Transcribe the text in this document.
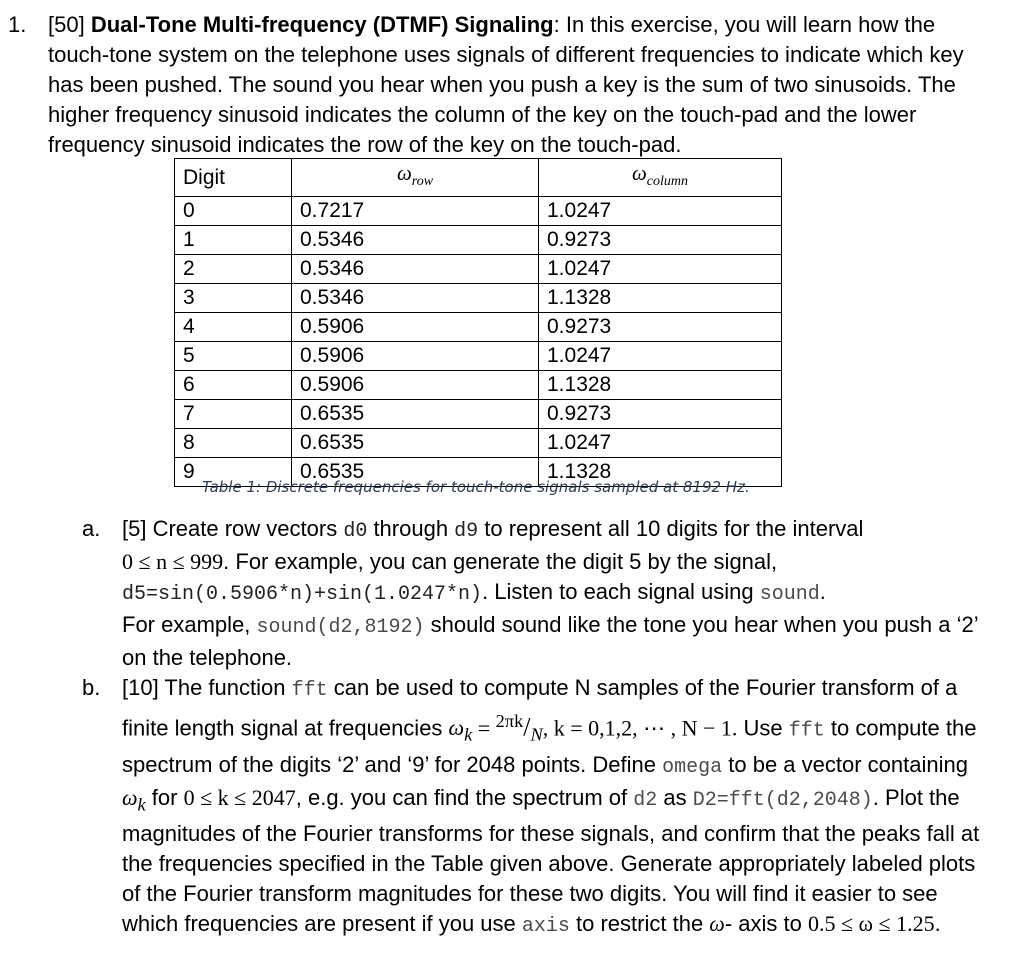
1. [50] Dual-Tone Multi-frequency (DTMF) Signaling: In this exercise, you will learn how the touch-tone system on the telephone uses signals of different frequencies to indicate which key has been pushed. The sound you hear when you push a key is the sum of two sinusoids. The higher frequency sinusoid indicates the column of the key on the touch-pad and the lower frequency sinusoid indicates the row of the key on the touch-pad.
Digit	$\omega_{row}$	$\omega_{column}$
0	0.7217	1.0247
1	0.5346	0.9273
2	0.5346	1.0247
3	0.5346	1.1328
4	0.5906	0.9273
5	0.5906	1.0247
6	0.5906	1.1328
7	0.6535	0.9273
8	0.6535	1.0247
9	0.6535	1.1328
Table 1: Discrete frequencies for touch-tone signals sampled at 8192 Hz.
a. [5] Create row vectors d0 through d9 to represent all 10 digits for the interval
0 ≤ n ≤ 999. For example, you can generate the digit 5 by the signal,
d5=sin(0.5906*n)+sin(1.0247*n). Listen to each signal using sound.
For example, sound(d2,8192) should sound like the tone you hear when you push a ‘2’ on the telephone.
b. [10] The function fft can be used to compute N samples of the Fourier transform of a finite length signal at frequencies $\omega_k = ^{2\pi k}/_N$, k = 0,1,2, ⋯ , N − 1. Use fft to compute the spectrum of the digits ‘2’ and ‘9’ for 2048 points. Define omega to be a vector containing $\omega_k$ for 0 ≤ k ≤ 2047, e.g. you can find the spectrum of d2 as D2=fft(d2,2048). Plot the magnitudes of the Fourier transforms for these signals, and confirm that the peaks fall at the frequencies specified in the Table given above. Generate appropriately labeled plots of the Fourier transform magnitudes for these two digits. You will find it easier to see which frequencies are present if you use axis to restrict the ω- axis to 0.5 ≤ ω ≤ 1.25.
